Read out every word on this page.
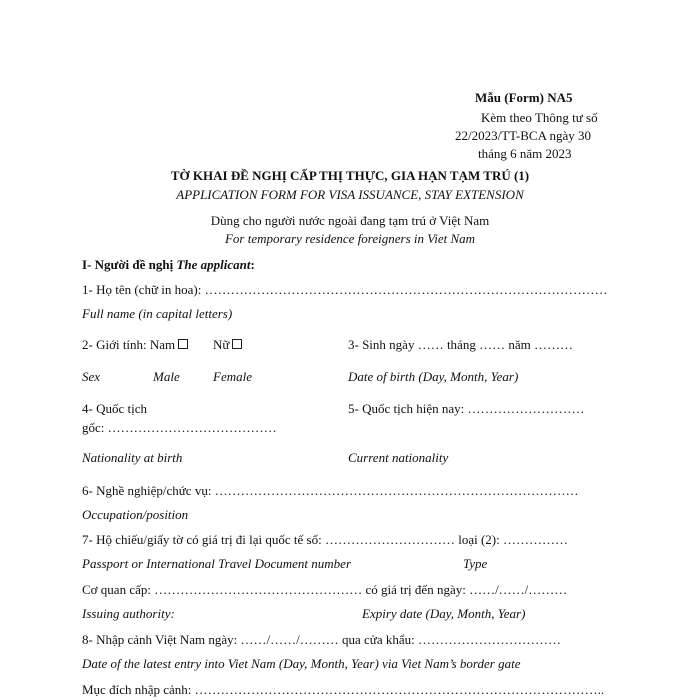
Mẫu (Form) NA5
Kèm theo Thông tư số
22/2023/TT-BCA ngày 30
tháng 6 năm 2023
TỜ KHAI ĐỀ NGHỊ CẤP THỊ THỰC, GIA HẠN TẠM TRÚ (1)
APPLICATION FORM FOR VISA ISSUANCE, STAY EXTENSION
Dùng cho người nước ngoài đang tạm trú ở Việt Nam
For temporary residence foreigners in Viet Nam
I- Người đề nghị The applicant:
1- Họ tên (chữ in hoa): …………………………………………………………………………………
Full name (in capital letters)
2- Giới tính: Nam	Nữ	3- Sinh ngày …… tháng …… năm ………
Sex	Male	Female	Date of birth (Day, Month, Year)
4- Quốc tịch
gốc: …………………………………
5- Quốc tịch hiện nay: ………………………
Nationality at birth	Current nationality
6- Nghề nghiệp/chức vụ: …………………………………………………………………………
Occupation/position
7- Hộ chiếu/giấy tờ có giá trị đi lại quốc tế số: ………………………… loại (2): ……………
Passport or International Travel Document number	Type
Cơ quan cấp: ………………………………………… có giá trị đến ngày: ……/……/………
Issuing authority:	Expiry date (Day, Month, Year)
8- Nhập cảnh Việt Nam ngày: ……/……/……… qua cửa khẩu: ……………………………
Date of the latest entry into Viet Nam (Day, Month, Year) via Viet Nam’s border gate
Mục đích nhập cảnh: …………………………………………………………………………………..
